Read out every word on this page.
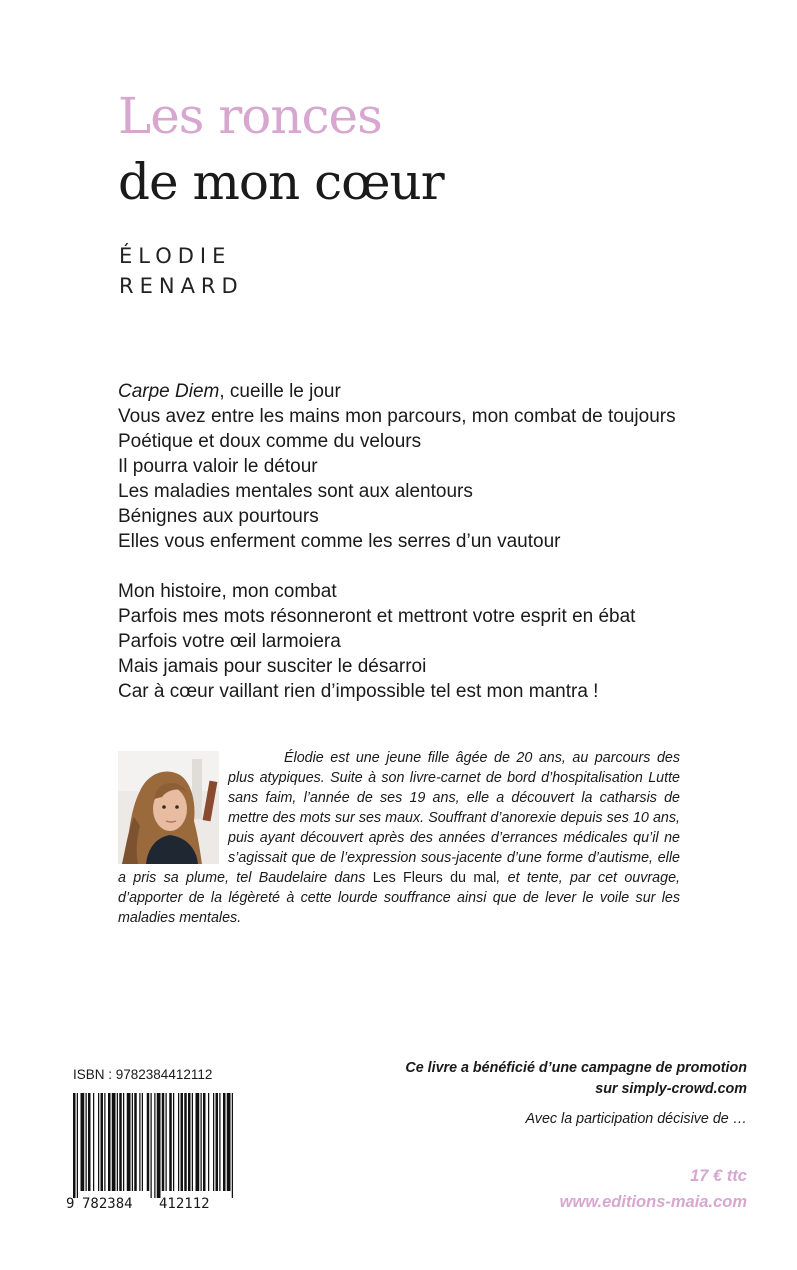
Les ronces
de mon cœur
ÉLODIE
RENARD
Carpe Diem, cueille le jour
Vous avez entre les mains mon parcours, mon combat de toujours
Poétique et doux comme du velours
Il pourra valoir le détour
Les maladies mentales sont aux alentours
Bénignes aux pourtours
Elles vous enferment comme les serres d’un vautour
Mon histoire, mon combat
Parfois mes mots résonneront et mettront votre esprit en ébat
Parfois votre œil larmoiera
Mais jamais pour susciter le désarroi
Car à cœur vaillant rien d’impossible tel est mon mantra !
Élodie est une jeune fille âgée de 20 ans, au parcours des plus atypiques. Suite à son livre-carnet de bord d’hospitalisation Lutte sans faim, l’année de ses 19 ans, elle a découvert la catharsis de mettre des mots sur ses maux. Souffrant d’anorexie depuis ses 10 ans, puis ayant découvert après des années d’errances médicales qu’il ne s’agissait que de l’expression sous-jacente d’une forme d’autisme, elle a pris sa plume, tel Baudelaire dans Les Fleurs du mal, et tente, par cet ouvrage, d’apporter de la légèreté à cette lourde souffrance ainsi que de lever le voile sur les maladies mentales.
ISBN : 9782384412112
9 782384 412112
Ce livre a bénéficié d’une campagne de promotion
sur simply-crowd.com
Avec la participation décisive de …
17 € ttc
www.editions-maia.com
